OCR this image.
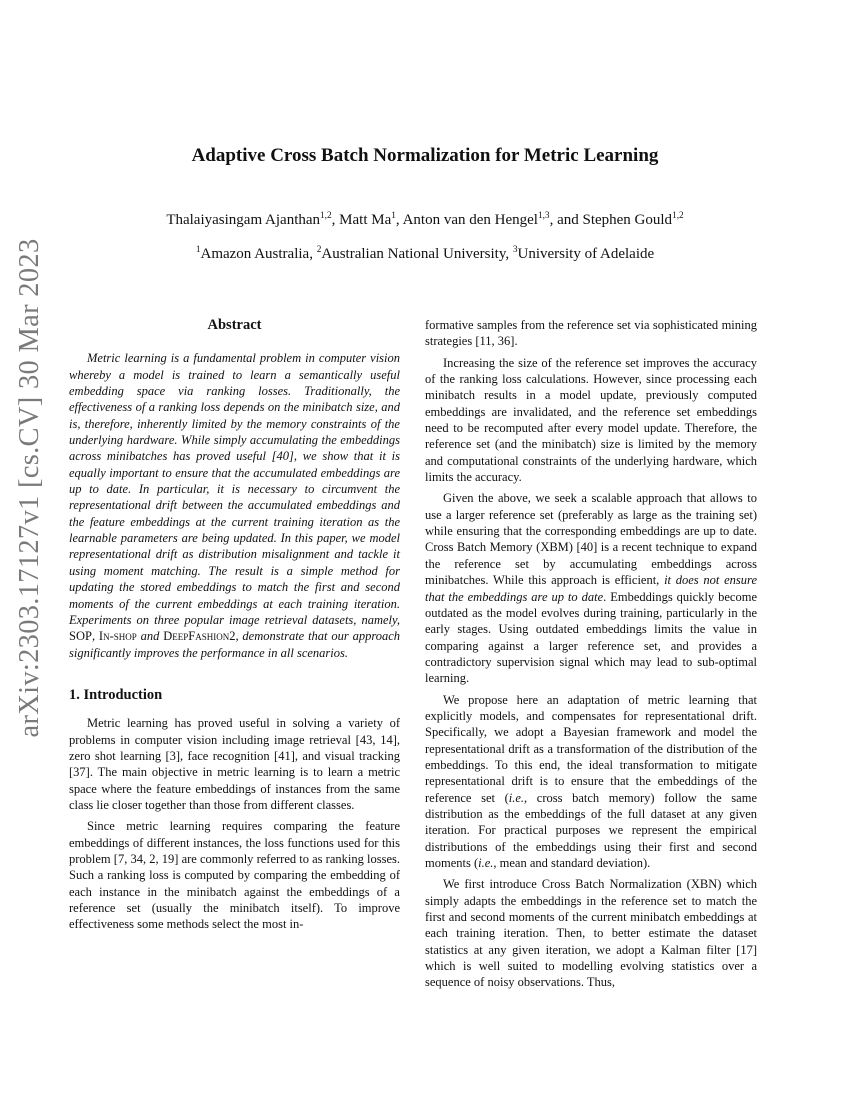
arXiv:2303.17127v1 [cs.CV] 30 Mar 2023
Adaptive Cross Batch Normalization for Metric Learning
Thalaiyasingam Ajanthan$^{1,2}$, Matt Ma$^1$, Anton van den Hengel$^{1,3}$, and Stephen Gould$^{1,2}$
$^1$Amazon Australia, $^2$Australian National University, $^3$University of Adelaide
Abstract

Metric learning is a fundamental problem in computer vision whereby a model is trained to learn a semantically useful embedding space via ranking losses. Traditionally, the effectiveness of a ranking loss depends on the minibatch size, and is, therefore, inherently limited by the memory constraints of the underlying hardware. While simply accumulating the embeddings across minibatches has proved useful [40], we show that it is equally important to ensure that the accumulated embeddings are up to date. In particular, it is necessary to circumvent the representational drift between the accumulated embeddings and the feature embeddings at the current training iteration as the learnable parameters are being updated. In this paper, we model representational drift as distribution misalignment and tackle it using moment matching. The result is a simple method for updating the stored embeddings to match the first and second moments of the current embeddings at each training iteration. Experiments on three popular image retrieval datasets, namely, SOP, In-shop and DeepFashion2, demonstrate that our approach significantly improves the performance in all scenarios.

1. Introduction

Metric learning has proved useful in solving a variety of problems in computer vision including image retrieval [43, 14], zero shot learning [3], face recognition [41], and visual tracking [37]. The main objective in metric learning is to learn a metric space where the feature embeddings of instances from the same class lie closer together than those from different classes.

Since metric learning requires comparing the feature embeddings of different instances, the loss functions used for this problem [7, 34, 2, 19] are commonly referred to as ranking losses. Such a ranking loss is computed by comparing the embedding of each instance in the minibatch against the embeddings of a reference set (usually the minibatch itself). To improve effectiveness some methods select the most in-

formative samples from the reference set via sophisticated mining strategies [11, 36].

Increasing the size of the reference set improves the accuracy of the ranking loss calculations. However, since processing each minibatch results in a model update, previously computed embeddings are invalidated, and the reference set embeddings need to be recomputed after every model update. Therefore, the reference set (and the minibatch) size is limited by the memory and computational constraints of the underlying hardware, which limits the accuracy.

Given the above, we seek a scalable approach that allows to use a larger reference set (preferably as large as the training set) while ensuring that the corresponding embeddings are up to date. Cross Batch Memory (XBM) [40] is a recent technique to expand the reference set by accumulating embeddings across minibatches. While this approach is efficient, it does not ensure that the embeddings are up to date. Embeddings quickly become outdated as the model evolves during training, particularly in the early stages. Using outdated embeddings limits the value in comparing against a larger reference set, and provides a contradictory supervision signal which may lead to sub-optimal learning.

We propose here an adaptation of metric learning that explicitly models, and compensates for representational drift. Specifically, we adopt a Bayesian framework and model the representational drift as a transformation of the distribution of the embeddings. To this end, the ideal transformation to mitigate representational drift is to ensure that the embeddings of the reference set (i.e., cross batch memory) follow the same distribution as the embeddings of the full dataset at any given iteration. For practical purposes we represent the empirical distributions of the embeddings using their first and second moments (i.e., mean and standard deviation).

We first introduce Cross Batch Normalization (XBN) which simply adapts the embeddings in the reference set to match the first and second moments of the current minibatch embeddings at each training iteration. Then, to better estimate the dataset statistics at any given iteration, we adopt a Kalman filter [17] which is well suited to modelling evolving statistics over a sequence of noisy observations. Thus,
